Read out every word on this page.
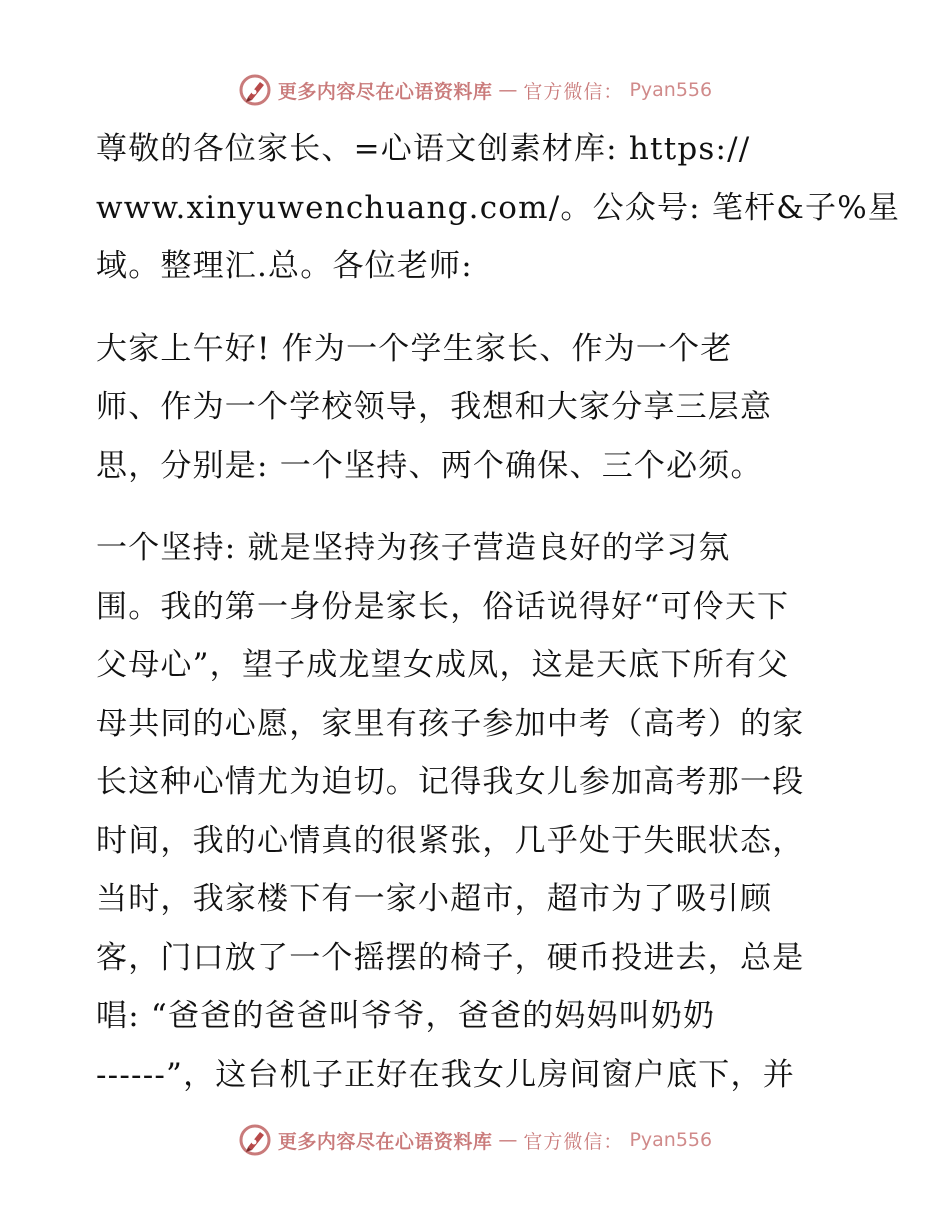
更多内容尽在心语资料库 — 官方微信： Pyan556
尊敬的各位家长、=心语文创素材库: https://
www.xinyuwenchuang.com/。公众号: 笔杆&子%星
域。整理汇.总。各位老师:
大家上午好! 作为一个学生家长、作为一个老
师、作为一个学校领导，我想和大家分享三层意
思，分别是: 一个坚持、两个确保、三个必须。
一个坚持: 就是坚持为孩子营造良好的学习氛
围。我的第一身份是家长，俗话说得好“可伶天下
父母心”，望子成龙望女成凤，这是天底下所有父
母共同的心愿，家里有孩子参加中考（高考）的家
长这种心情尤为迫切。记得我女儿参加高考那一段
时间，我的心情真的很紧张，几乎处于失眠状态，
当时，我家楼下有一家小超市，超市为了吸引顾
客，门口放了一个摇摆的椅子，硬币投进去，总是
唱: “爸爸的爸爸叫爷爷，爸爸的妈妈叫奶奶
------”，这台机子正好在我女儿房间窗户底下，并
更多内容尽在心语资料库 — 官方微信： Pyan556
